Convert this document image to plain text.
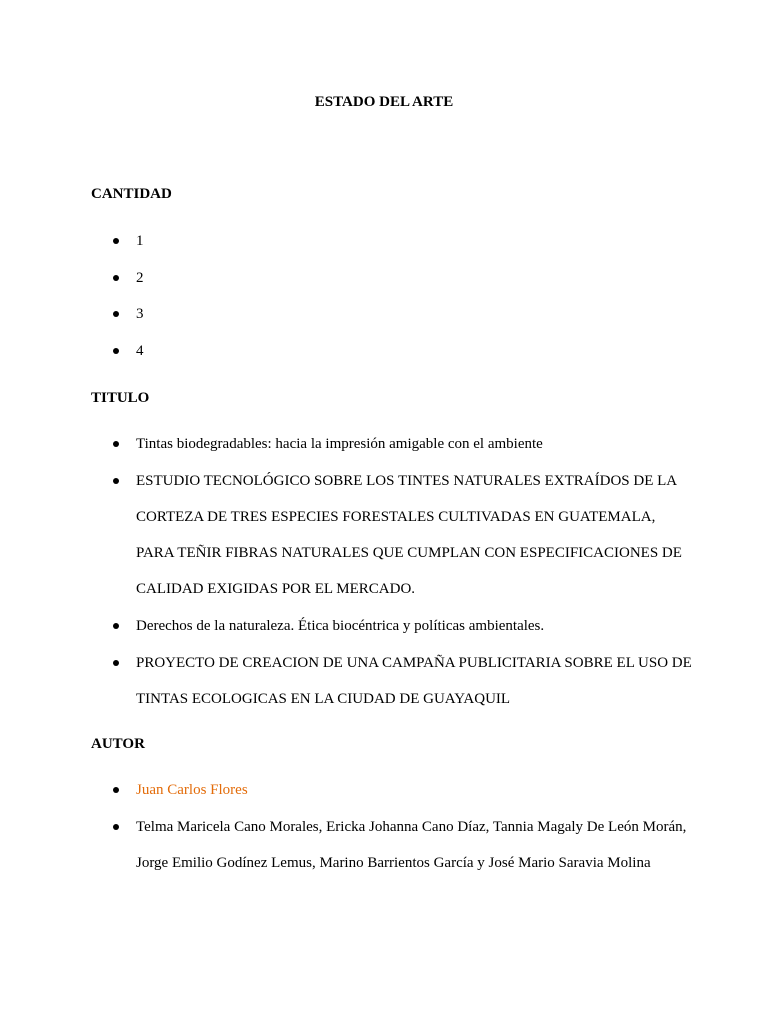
ESTADO DEL ARTE
CANTIDAD
1
2
3
4
TITULO
Tintas biodegradables: hacia la impresión amigable con el ambiente
ESTUDIO TECNOLÓGICO SOBRE LOS TINTES NATURALES EXTRAÍDOS DE LA CORTEZA DE TRES ESPECIES FORESTALES CULTIVADAS EN GUATEMALA, PARA TEÑIR FIBRAS NATURALES QUE CUMPLAN CON ESPECIFICACIONES DE CALIDAD EXIGIDAS POR EL MERCADO.
Derechos de la naturaleza. Ética biocéntrica y políticas ambientales.
PROYECTO DE CREACION DE UNA CAMPAÑA PUBLICITARIA SOBRE EL USO DE TINTAS ECOLOGICAS EN LA CIUDAD DE GUAYAQUIL
AUTOR
Juan Carlos Flores
Telma Maricela Cano Morales, Ericka Johanna Cano Díaz, Tannia Magaly De León Morán, Jorge Emilio Godínez Lemus, Marino Barrientos García y José Mario Saravia Molina
